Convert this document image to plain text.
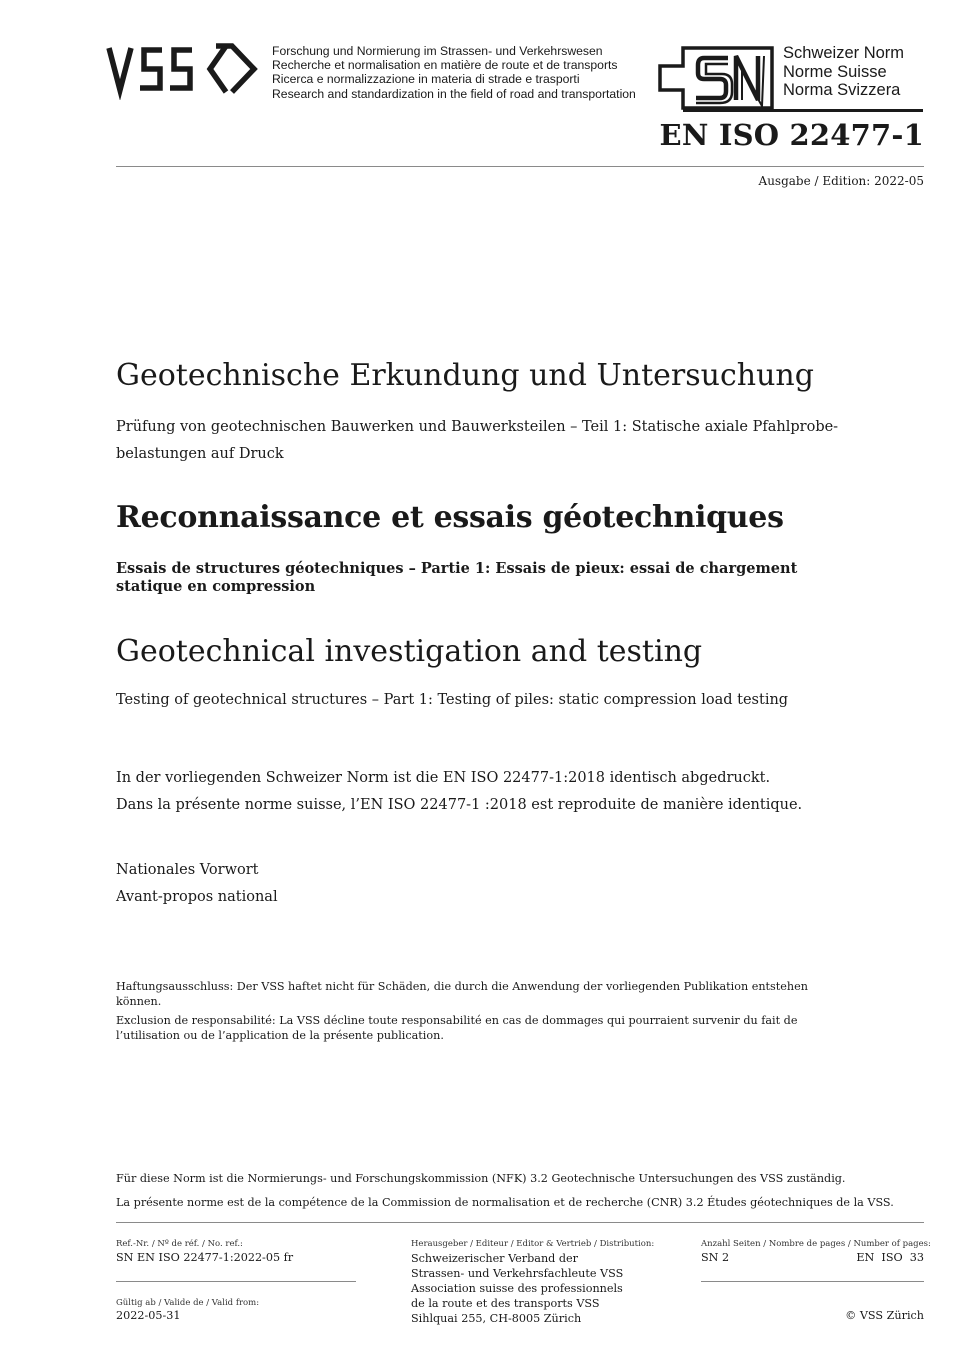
Forschung und Normierung im Strassen- und Verkehrswesen
Recherche et normalisation en matière de route et de transports
Ricerca e normalizzazione in materia di strade e trasporti
Research and standardization in the field of road and transportation
Schweizer Norm
Norme Suisse
Norma Svizzera
EN ISO 22477-1
Ausgabe / Edition: 2022-05
Geotechnische Erkundung und Untersuchung
Prüfung von geotechnischen Bauwerken und Bauwerksteilen – Teil 1: Statische axiale Pfahlprobe-belastungen auf Druck
Reconnaissance et essais géotechniques
Essais de structures géotechniques – Partie 1: Essais de pieux: essai de chargement statique en compression
Geotechnical investigation and testing
Testing of geotechnical structures – Part 1: Testing of piles: static compression load testing
In der vorliegenden Schweizer Norm ist die EN ISO 22477-1:2018 identisch abgedruckt.
Dans la présente norme suisse, l’EN ISO 22477-1 :2018 est reproduite de manière identique.
Nationales Vorwort
Avant-propos national

Haftungsausschluss: Der VSS haftet nicht für Schäden, die durch die Anwendung der vorliegenden Publikation entstehen können.

Exclusion de responsabilité: La VSS décline toute responsabilité en cas de dommages qui pourraient survenir du fait de l’utilisation ou de l’application de la présente publication.

Für diese Norm ist die Normierungs- und Forschungskommission (NFK) 3.2 Geotechnische Untersuchungen des VSS zuständig.
La présente norme est de la compétence de la Commission de normalisation et de recherche (CNR) 3.2 Études géotechniques de la VSS.
Ref.-Nr. / Nº de réf. / No. ref.:
SN EN ISO 22477-1:2022-05 fr
Gültig ab / Valide de / Valid from:
2022-05-31
Herausgeber / Editeur / Editor & Vertrieb / Distribution:
Schweizerischer Verband der
Strassen- und Verkehrsfachleute VSS
Association suisse des professionnels
de la route et des transports VSS
Sihlquai 255, CH-8005 Zürich
Anzahl Seiten / Nombre de pages / Number of pages:
SN 2	EN  ISO  33
© VSS Zürich
